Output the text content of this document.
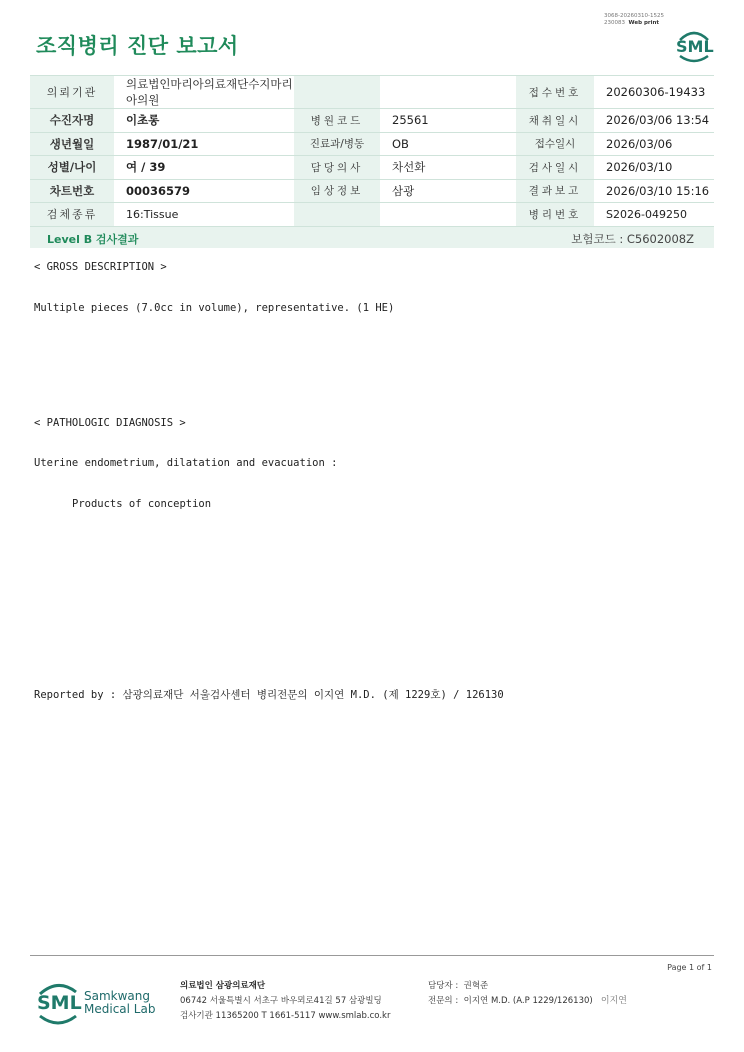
조직병리 진단 보고서
3068-20260310-1525
230083 Web print
SML
의뢰기관	의료법인마리아의료재단수지마리아의원			접수번호	20260306-19433
수진자명	이초롱	병원코드	25561	채취일시	2026/03/06 13:54
생년월일	1987/01/21	진료과/병동	OB	접수일시	2026/03/06
성별/나이	여 / 39	담당의사	차선화	검사일시	2026/03/10
차트번호	00036579	임상정보	삼광	결과보고	2026/03/10 15:16
검체종류	16:Tissue			병리번호	S2026-049250
Level B 검사결과	보험코드 : C5602008Z
< GROSS DESCRIPTION >
Multiple pieces (7.0cc in volume), representative. (1 HE)
< PATHOLOGIC DIAGNOSIS >
Uterine endometrium, dilatation and evacuation :
Products of conception
Reported by : 삼광의료재단 서울검사센터 병리전문의 이지연 M.D. (제 1229호) / 126130
Page 1 of 1
SML Samkwang
Medical Lab
의료법인 삼광의료재단
06742 서울특별시 서초구 바우뫼로41길 57 삼광빌딩
검사기관 11365200 T 1661-5117 www.smlab.co.kr
담당자 : 권혁준
전문의 : 이지연 M.D. (A.P 1229/126130) 이지연
